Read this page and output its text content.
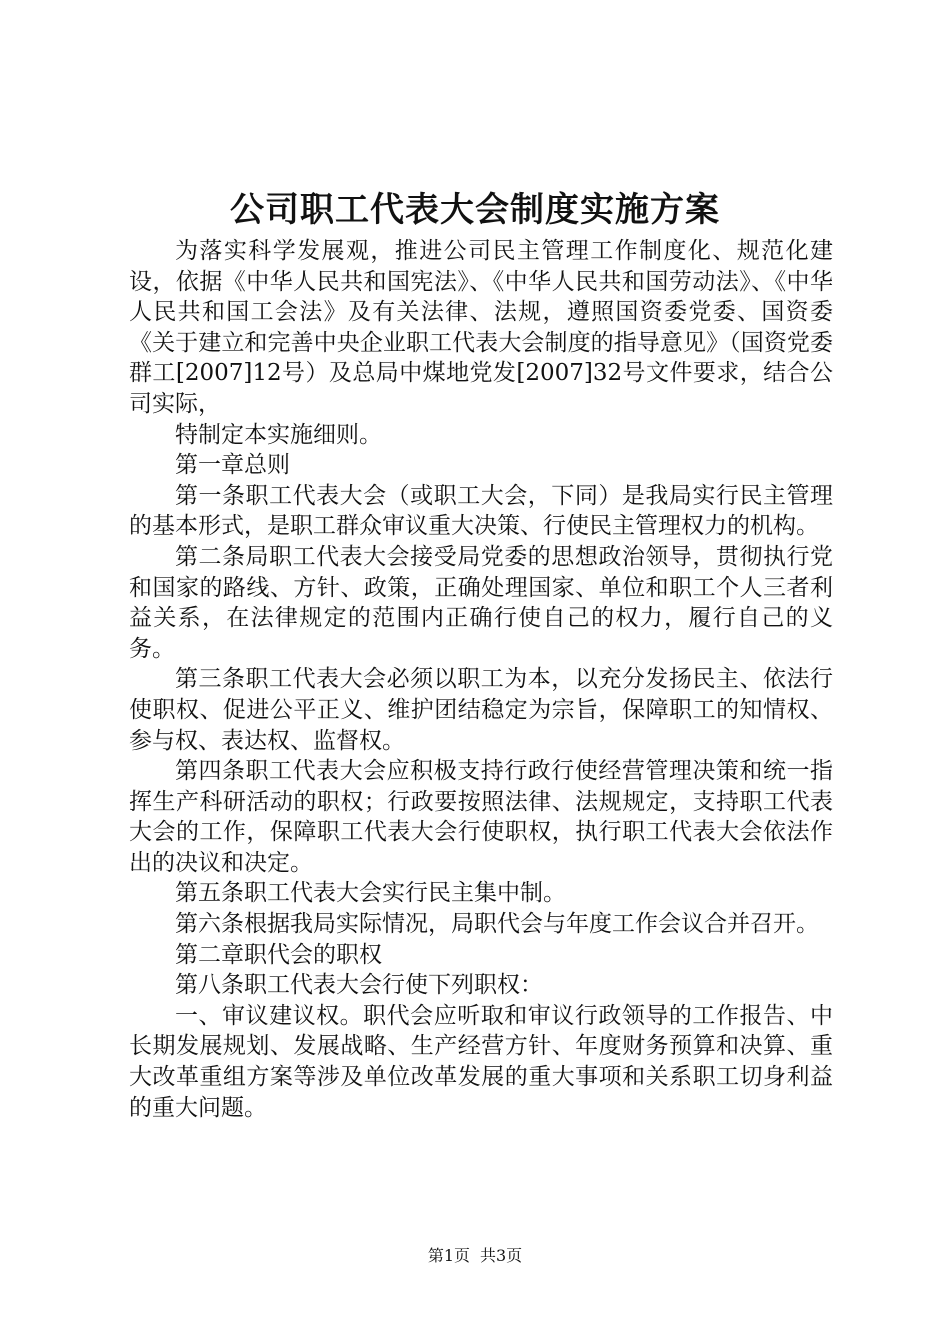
公司职工代表大会制度实施方案

为落实科学发展观，推进公司民主管理工作制度化、规范化建设，依据《中华人民共和国宪法》、《中华人民共和国劳动法》、《中华人民共和国工会法》及有关法律、法规，遵照国资委党委、国资委《关于建立和完善中央企业职工代表大会制度的指导意见》（国资党委群工[2007]12号）及总局中煤地党发[2007]32号文件要求，结合公司实际，

特制定本实施细则。

第一章总则

第一条职工代表大会（或职工大会，下同）是我局实行民主管理的基本形式，是职工群众审议重大决策、行使民主管理权力的机构。

第二条局职工代表大会接受局党委的思想政治领导，贯彻执行党和国家的路线、方针、政策，正确处理国家、单位和职工个人三者利益关系，在法律规定的范围内正确行使自己的权力，履行自己的义务。

第三条职工代表大会必须以职工为本，以充分发扬民主、依法行使职权、促进公平正义、维护团结稳定为宗旨，保障职工的知情权、参与权、表达权、监督权。

第四条职工代表大会应积极支持行政行使经营管理决策和统一指挥生产科研活动的职权；行政要按照法律、法规规定，支持职工代表大会的工作，保障职工代表大会行使职权，执行职工代表大会依法作出的决议和决定。

第五条职工代表大会实行民主集中制。

第六条根据我局实际情况，局职代会与年度工作会议合并召开。

第二章职代会的职权

第八条职工代表大会行使下列职权：

一、审议建议权。职代会应听取和审议行政领导的工作报告、中长期发展规划、发展战略、生产经营方针、年度财务预算和决算、重大改革重组方案等涉及单位改革发展的重大事项和关系职工切身利益的重大问题。

第1页 共3页
